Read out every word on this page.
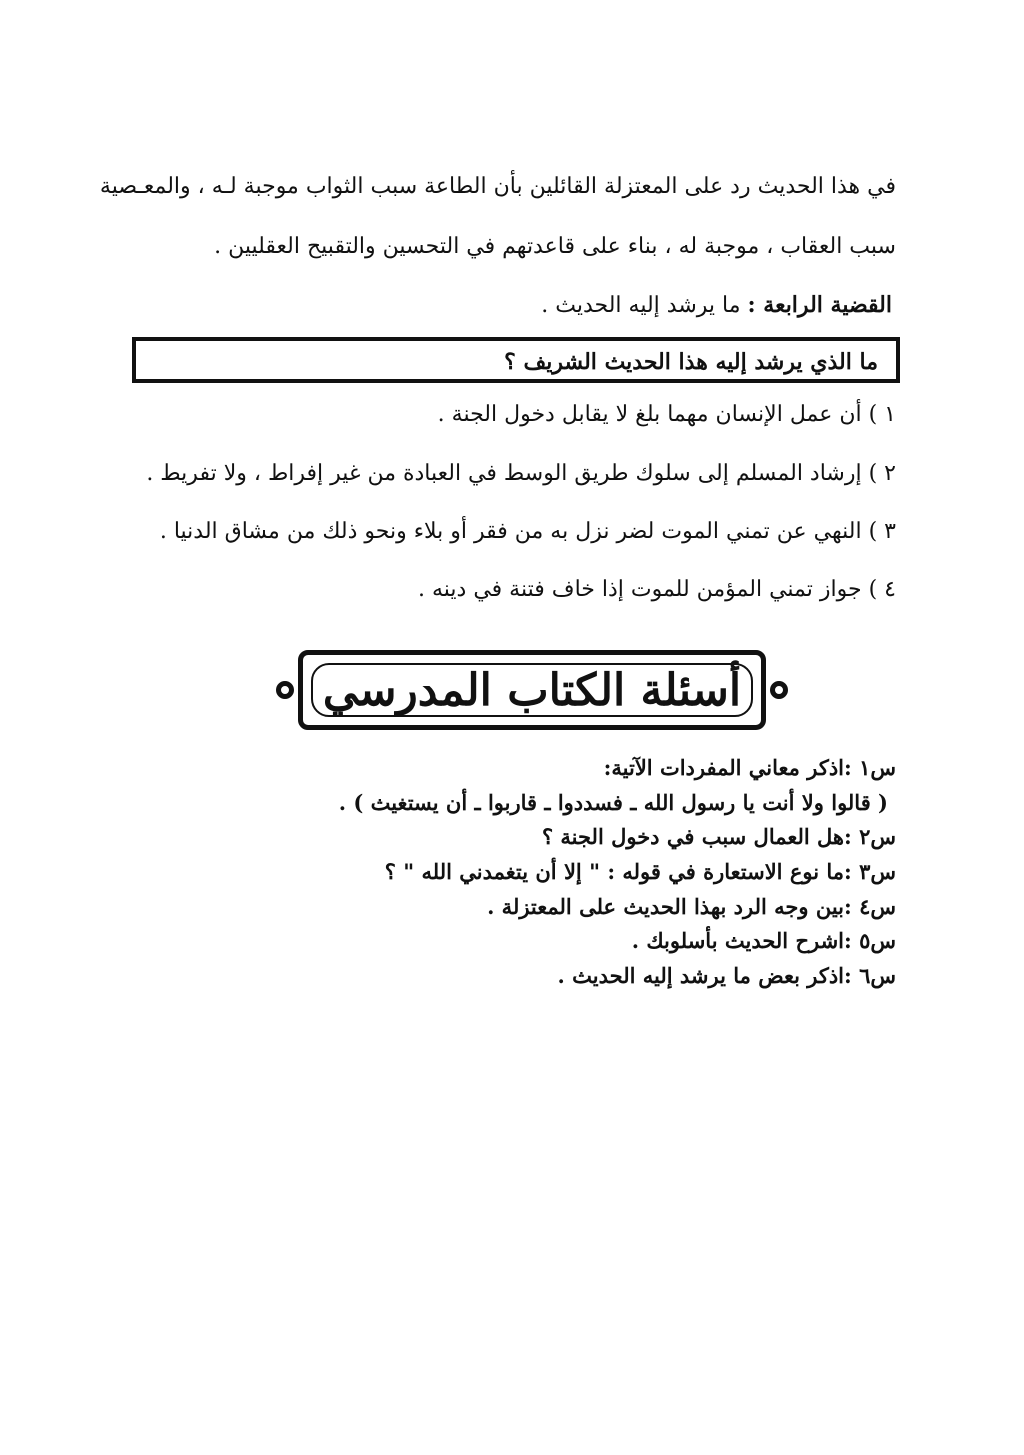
في هذا الحديث رد على المعتزلة القائلين بأن الطاعة سبب الثواب موجبة لـه ، والمعـصية
سبب العقاب ، موجبة له ، بناء على قاعدتهم في التحسين والتقبيح العقليين .
القضية الرابعة : ما يرشد إليه الحديث .
ما الذي يرشد إليه هذا الحديث الشريف ؟
١ ) أن عمل الإنسان مهما بلغ لا يقابل دخول الجنة .
٢ ) إرشاد المسلم إلى سلوك طريق الوسط في العبادة من غير إفراط ، ولا تفريط .
٣ ) النهي عن تمني الموت لضر نزل به من فقر أو بلاء ونحو ذلك من مشاق الدنيا .
٤ ) جواز تمني المؤمن للموت إذا خاف فتنة في دينه .
أسئلة الكتاب المدرسي
س١ :اذكر معاني المفردات الآتية:
( قالوا ولا أنت يا رسول الله ـ فسددوا ـ قاربوا ـ أن يستغيث ) .
س٢ :هل العمال سبب في دخول الجنة ؟
س٣ :ما نوع الاستعارة في قوله : " إلا أن يتغمدني الله " ؟
س٤ :بين وجه الرد بهذا الحديث على المعتزلة .
س٥ :اشرح الحديث بأسلوبك .
س٦ :اذكر بعض ما يرشد إليه الحديث .
